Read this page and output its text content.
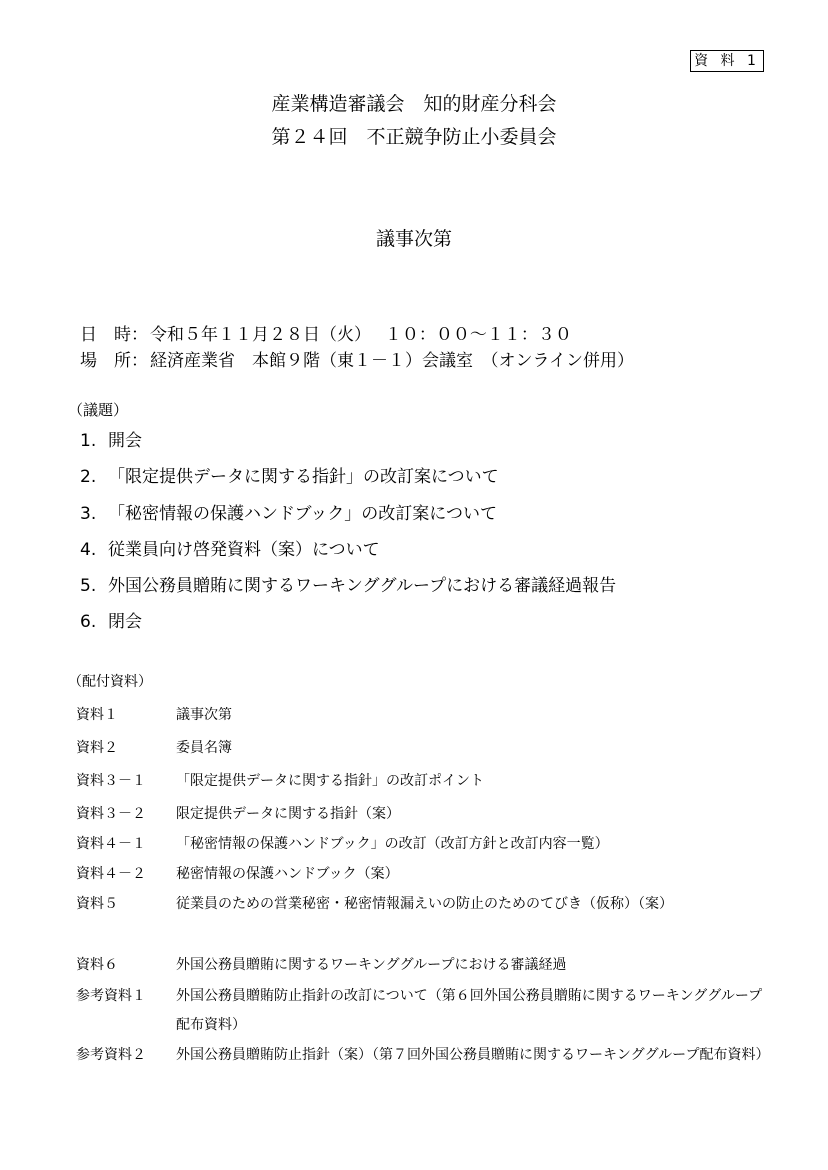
資 料 1
産業構造審議会　知的財産分科会
第２４回　不正競争防止小委員会
議事次第
日　時： 令和５年１１月２８日（火）　 １０：００～１１：３０
場　所： 経済産業省　本館９階（東１－１）会議室　（オンライン併用）
（議題）
1. 開会
2. 「限定提供データに関する指針」の改訂案について
3. 「秘密情報の保護ハンドブック」の改訂案について
4. 従業員向け啓発資料（案）について
5. 外国公務員贈賄に関するワーキンググループにおける審議経過報告
6. 閉会
（配付資料）
資料１	議事次第
資料２	委員名簿
資料３－１ 「限定提供データに関する指針」の改訂ポイント
資料３－２ 限定提供データに関する指針（案）
資料４－１ 「秘密情報の保護ハンドブック」の改訂（改訂方針と改訂内容一覧）
資料４－２ 秘密情報の保護ハンドブック（案）
資料５	従業員のための営業秘密・秘密情報漏えいの防止のためのてびき（仮称）（案）
資料６	外国公務員贈賄に関するワーキンググループにおける審議経過
参考資料１ 外国公務員贈賄防止指針の改訂について（第６回外国公務員贈賄に関するワーキンググループ配布資料）
参考資料２ 外国公務員贈賄防止指針（案）（第７回外国公務員贈賄に関するワーキンググループ配布資料）
